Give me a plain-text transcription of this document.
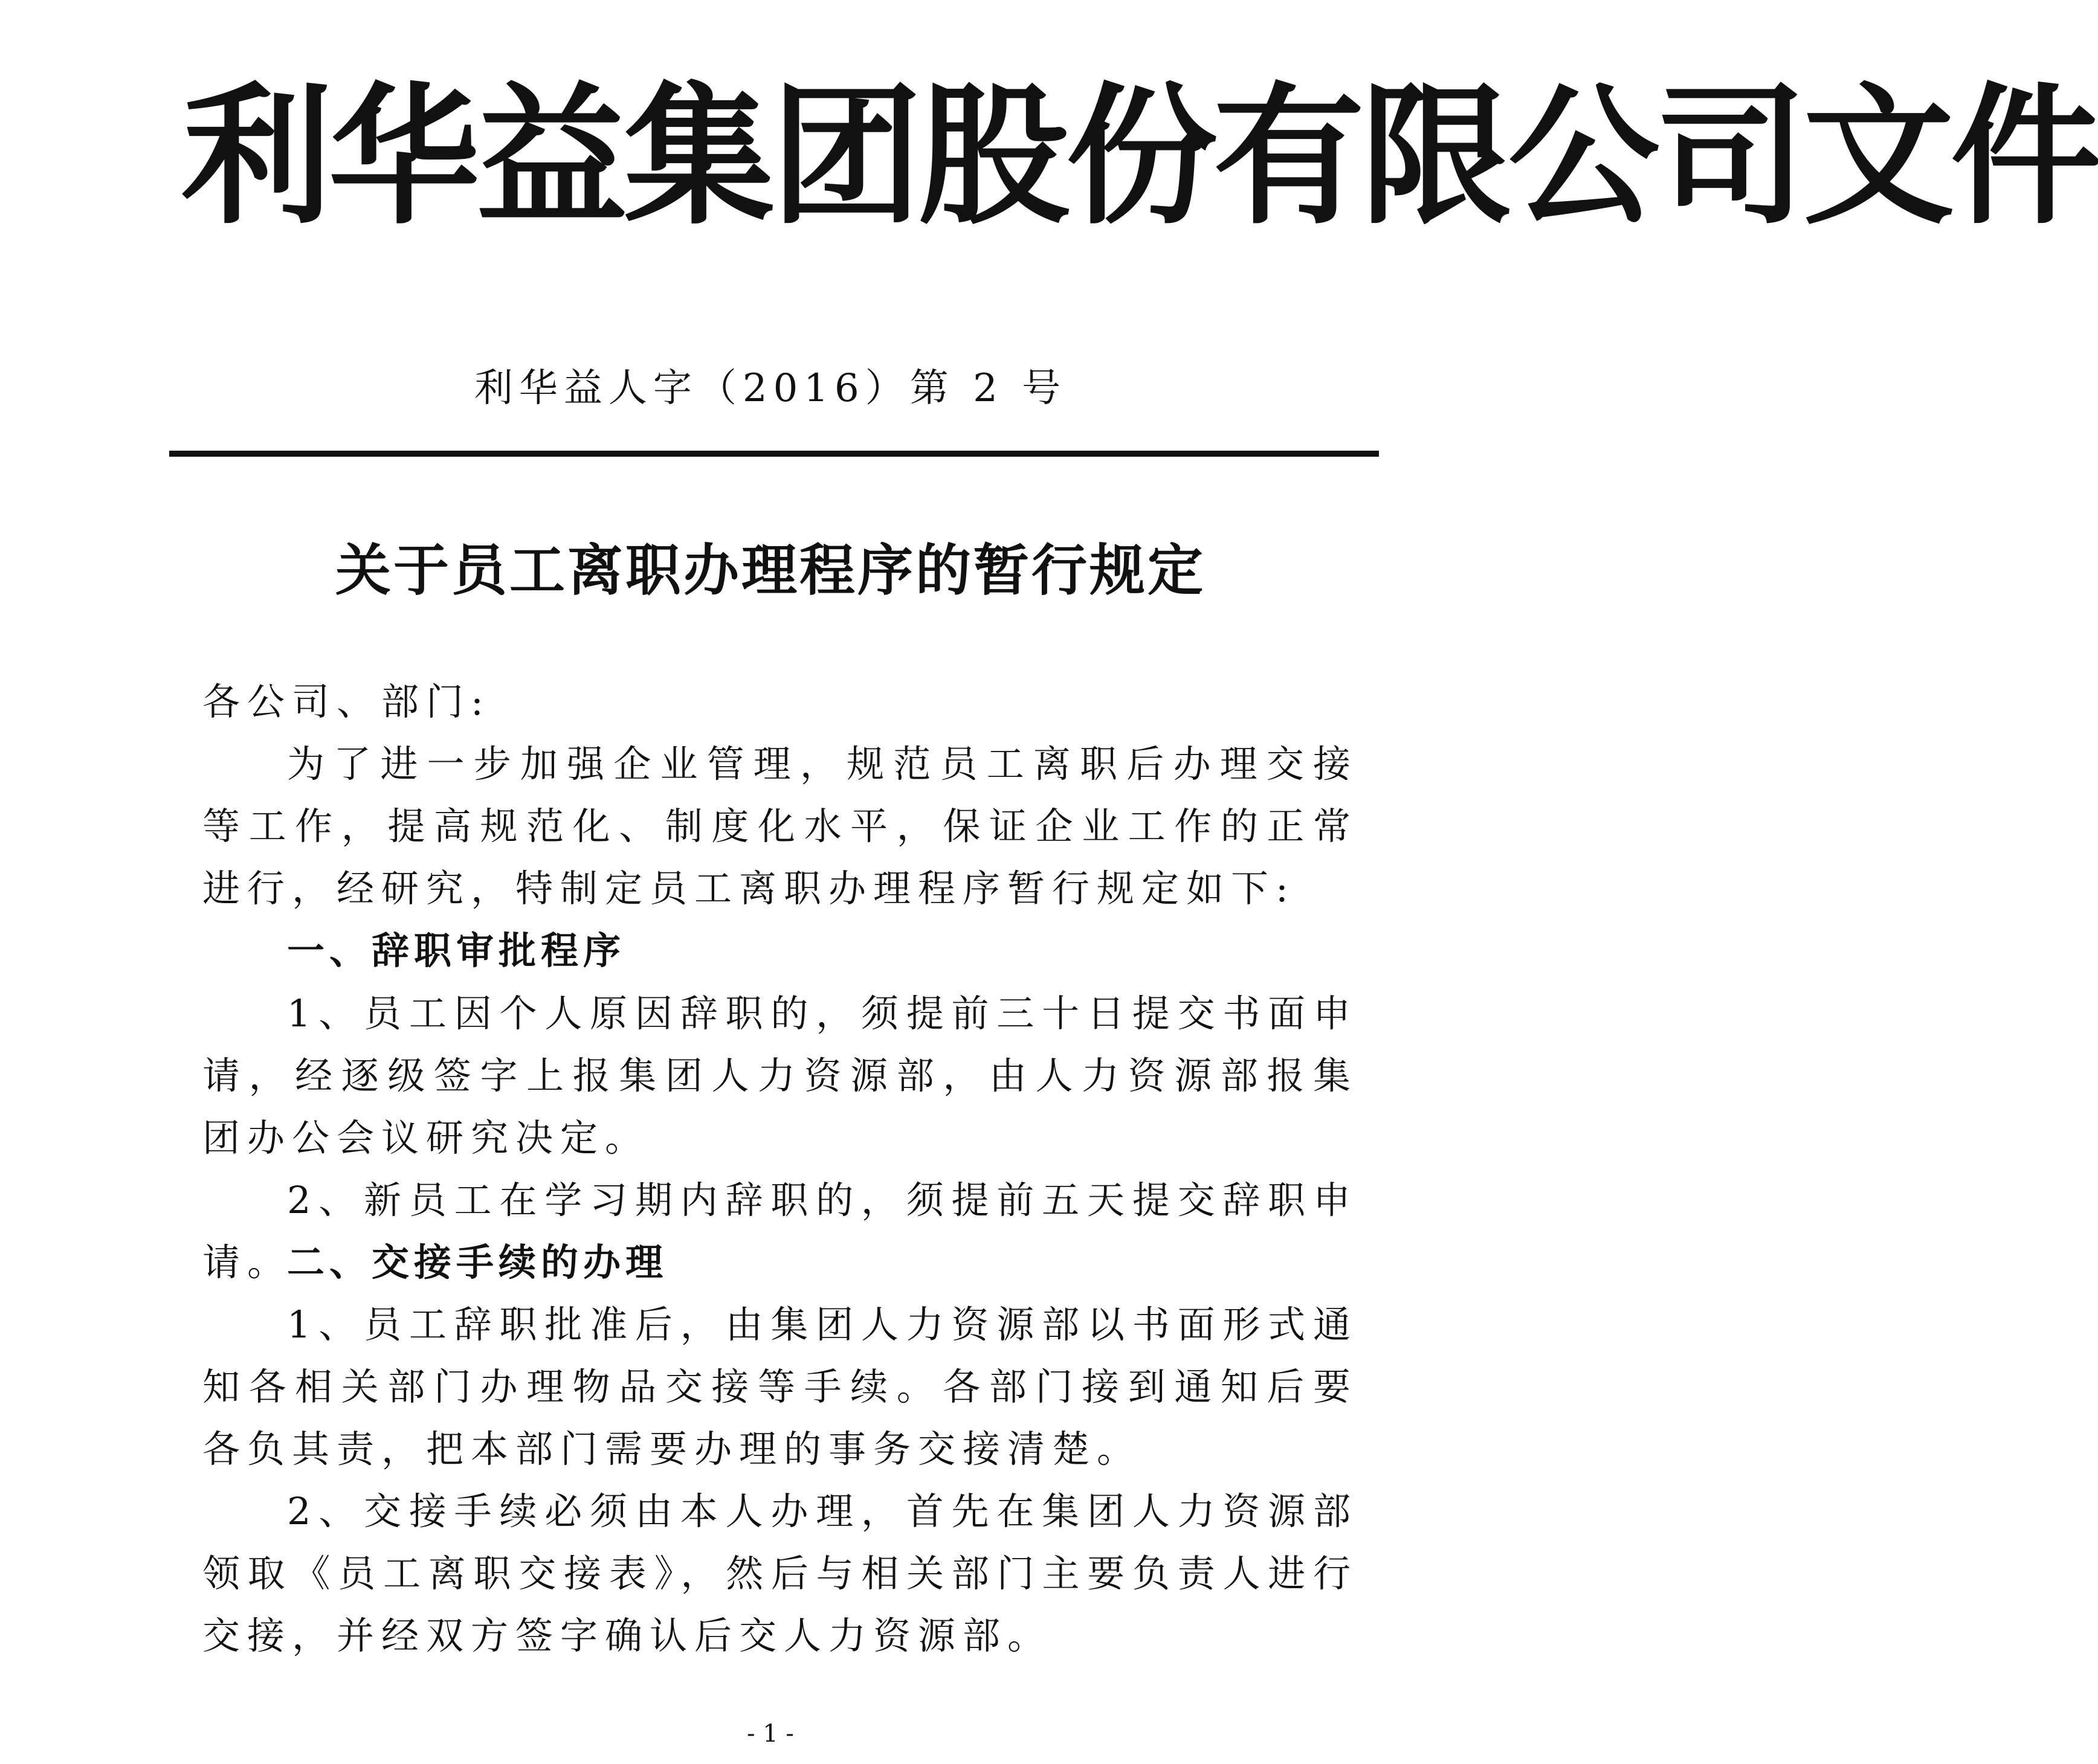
利华益集团股份有限公司文件
利华益人字（2016）第 2 号
关于员工离职办理程序的暂行规定

各公司、部门:

为了进一步加强企业管理，规范员工离职后办理交接等工作，提高规范化、制度化水平，保证企业工作的正常进行，经研究，特制定员工离职办理程序暂行规定如下:

一、辞职审批程序

1、员工因个人原因辞职的，须提前三十日提交书面申请，经逐级签字上报集团人力资源部，由人力资源部报集团办公会议研究决定。

2、新员工在学习期内辞职的，须提前五天提交辞职申请。

二、交接手续的办理

1、员工辞职批准后，由集团人力资源部以书面形式通知各相关部门办理物品交接等手续。各部门接到通知后要各负其责，把本部门需要办理的事务交接清楚。

2、交接手续必须由本人办理，首先在集团人力资源部领取《员工离职交接表》，然后与相关部门主要负责人进行交接，并经双方签字确认后交人力资源部。

- 1 -
